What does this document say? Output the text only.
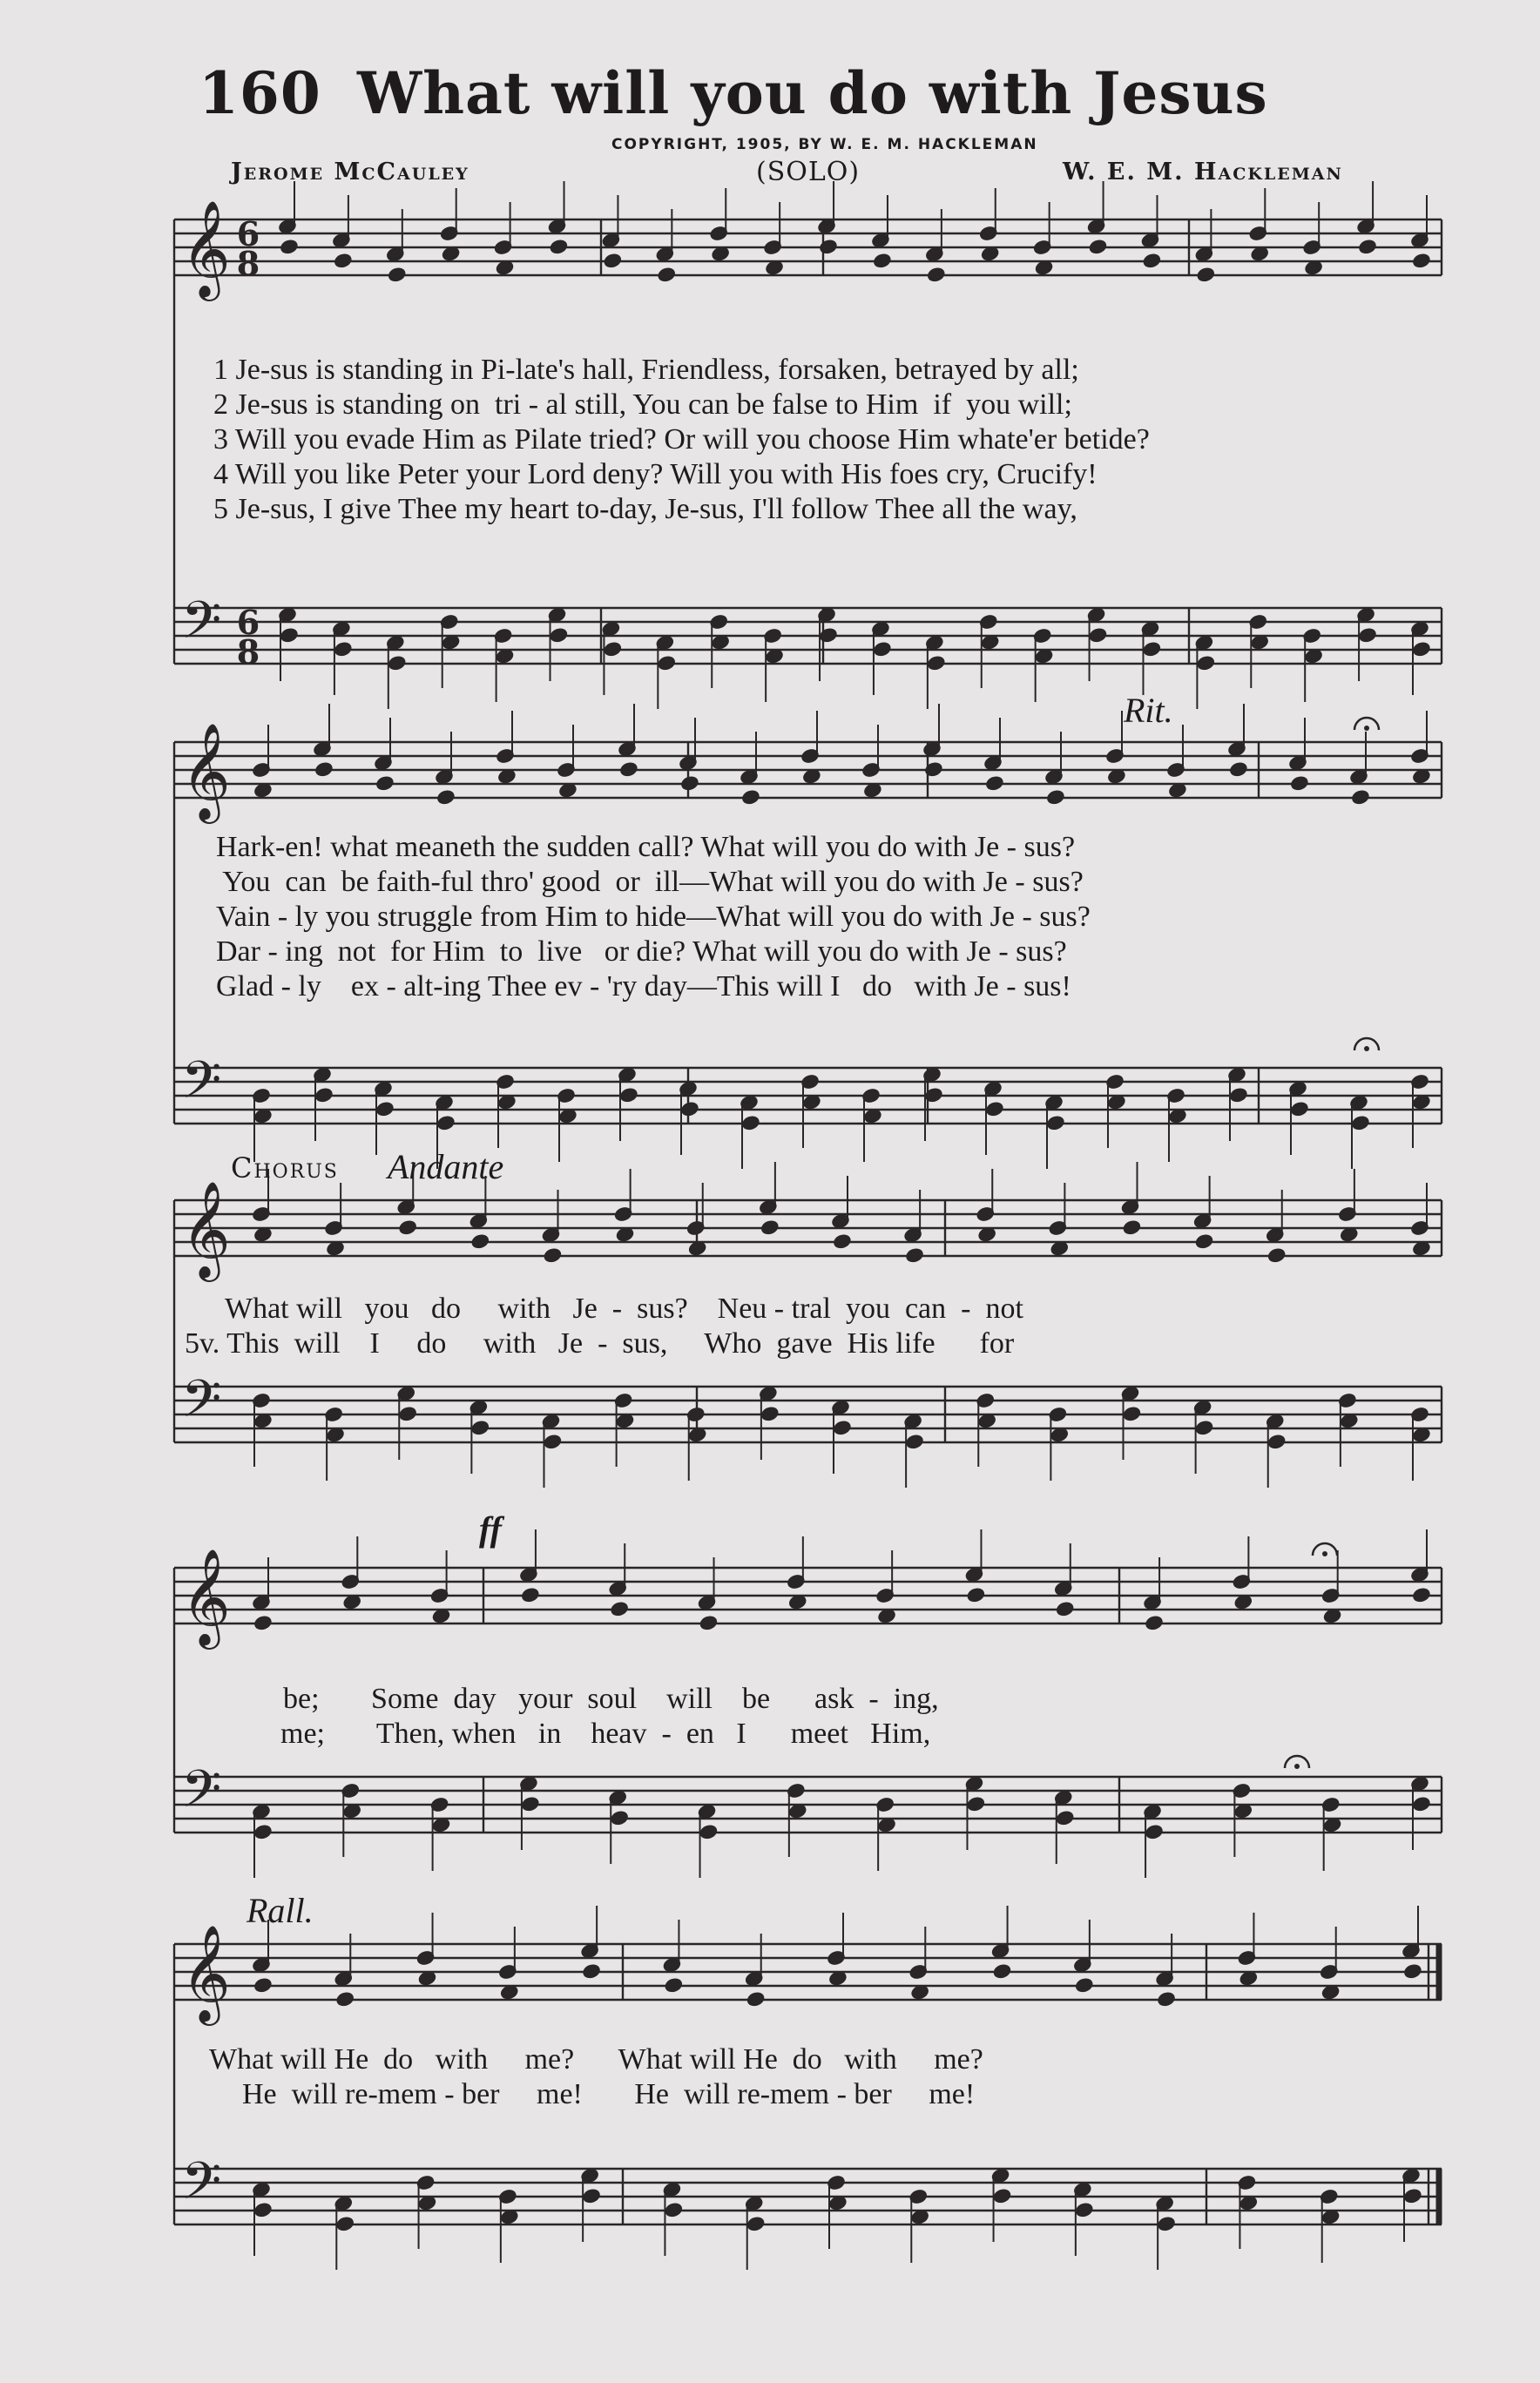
160 What will you do with Jesus
COPYRIGHT, 1905, BY W. E. M. HACKLEMAN
Jerome McCauley	(SOLO)	W. E. M. Hackleman
𝄞
𝄢
𝄞
𝄢
𝄞
𝄢
𝄞
𝄢
𝄞
𝄢
6
8
6
8
1 Je-sus is standing in Pi-late's hall, Friendless, forsaken, betrayed by all;
2 Je-sus is standing on  tri - al still, You can be false to Him  if  you will;
3 Will you evade Him as Pilate tried? Or will you choose Him whate'er betide?
4 Will you like Peter your Lord deny? Will you with His foes cry, Crucify!
5 Je-sus, I give Thee my heart to-day, Je-sus, I'll follow Thee all the way,
Rit.
Hark-en! what meaneth the sudden call? What will you do with Je - sus?
You  can  be faith-ful thro' good  or  ill—What will you do with Je - sus?
Vain - ly you struggle from Him to hide—What will you do with Je - sus?
Dar - ing  not  for Him  to  live   or die? What will you do with Je - sus?
Glad - ly    ex - alt-ing Thee ev - 'ry day—This will I   do   with Je - sus!
Chorus Andante
What will   you   do     with   Je  -  sus?    Neu - tral  you  can  -  not
5v. This  will    I     do     with   Je  -  sus,     Who  gave  His life      for
ff
be;       Some  day   your  soul    will    be      ask  -  ing,
me;       Then, when   in    heav  -  en   I      meet   Him,
Rall.
What will He  do   with     me?      What will He  do   with     me?
He  will re-mem - ber     me!       He  will re-mem - ber     me!
